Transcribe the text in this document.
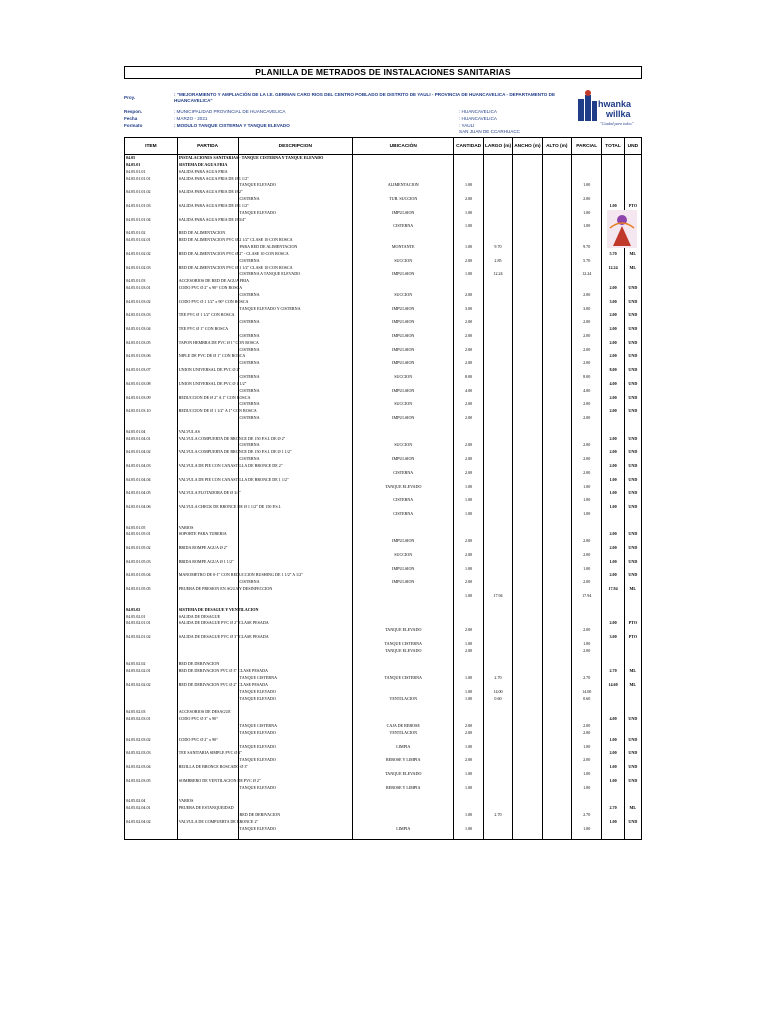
PLANILLA DE METRADOS DE INSTALACIONES SANITARIAS
Proy.
: "MEJORAMIENTO Y AMPLIACIÓN DE LA I.E. GERMAN CARO RIOS DEL CENTRO POBLADO DE DISTRITO DE YAULI - PROVINCIA DE HUANCAVELICA - DEPARTAMENTO DE HUANCAVELICA"
Respon.	: MUNICIPALIDAD PROVINCIAL DE HUANCAVELICA
Fecha	: MARZO - 2021
Formato	: MODULO TANQUE CISTERNA Y TANQUE ELEVADO
: HUANCAVELICA
: HUANCAVELICA
: YAULI
SAN JUAN DE CCARHUACC
hwanka
willka
"Ciudad para todos"
ITEM	PARTIDA	DESCRIPCION	UBICACIÓN	CANTIDAD	LARGO (m)	ANCHO (m)	ALTO (m)	PARCIAL	TOTAL	UND
04.05	INSTALACIONES SANITARIAS - TANQUE CISTERNA Y TANQUE ELEVADO									
04.05.01	SISTEMA DE AGUA FRIA									
04.05.01.01	SALIDA PARA AGUA FRIA									
04.05.01.01.01	SALIDA PARA AGUA FRIA DE Ø 1 1/2"									
		TANQUE ELEVADO	ALIMENTACION	1.00				1.00		
04.05.01.01.02	SALIDA PARA AGUA FRIA DE Ø 2"									
		CISTERNA	TUB. SUCCION	2.00				2.00		
04.05.01.01.03	SALIDA PARA AGUA FRIA DE Ø 1 1/2"								1.00	PTO
		TANQUE ELEVADO	IMPULSION	1.00				1.00		
04.05.01.01.04	SALIDA PARA AGUA FRIA DE Ø 3/4"									
			CISTERNA	1.00				1.00		
04.05.01.02	RED DE ALIMENTACION									
04.05.01.02.01	RED DE ALIMENTACION PVC Ø 2 1/2" CLASE 10 CON ROSCA									
		PARA RED DE ALIMENTACION	MONTANTE	1.00	9.70			9.70		
04.05.01.02.02	RED DE ALIMENTACION PVC Ø 2" - CLASE 10 CON ROSCA								5.70	ML
		CISTERNA	SUCCION	2.00	2.85			5.70		
04.05.01.02.03	RED DE ALIMENTACION PVC Ø 1 1/2" CLASE 10 CON ROSCA								12.24	ML
		CISTERNA A TANQUE ELEVADO	IMPULSION	1.00	12.24			12.24		
04.05.01.03	ACCESORIOS DE RED DE AGUA FRIA									
04.05.01.03.01	CODO PVC Ø 2" x 90° CON ROSCA								2.00	UND
		CISTERNA	SUCCION	2.00				2.00		
04.05.01.03.02	CODO PVC Ø 1 1/2" x 90° CON ROSCA								3.00	UND
		TANQUE ELEVADO Y CISTERNA	IMPULSION	3.00				3.00		
04.05.01.03.03	TEE PVC Ø 1 1/2" CON ROSCA								2.00	UND
		CISTERNA	IMPULSION	2.00				2.00		
04.05.01.03.04	TEE PVC Ø 1" CON ROSCA								2.00	UND
		CISTERNA	IMPULSION	2.00				2.00		
04.05.01.03.05	TAPON HEMBRA DE PVC Ø 1" CON ROSCA								2.00	UND
		CISTERNA	IMPULSION	2.00				2.00		
04.05.01.03.06	NIPLE DE PVC DE Ø 1" CON ROSCA								2.00	UND
		CISTERNA	IMPULSION	2.00				2.00		
04.05.01.03.07	UNION UNIVERSAL DE PVC Ø 2"								8.00	UND
		CISTERNA	SUCCION	8.00				8.00		
04.05.01.03.08	UNION UNIVERSAL DE PVC Ø 1 1/2"								4.00	UND
		CISTERNA	IMPULSION	4.00				4.00		
04.05.01.03.09	REDUCCION DE Ø 2" A 1" CON ROSCA								2.00	UND
		CISTERNA	SUCCION	2.00				2.00		
04.05.01.03.10	REDUCCION DE Ø 1 1/2" A 1" CON ROSCA								2.00	UND
		CISTERNA	IMPULSION	2.00				2.00		

04.05.01.04	VALVULAS									
04.05.01.04.01	VALVULA COMPUERTA DE BRONCE DE 150 P.S.I. DE Ø 2"								2.00	UND
		CISTERNA	SUCCION	2.00				2.00		
04.05.01.04.02	VALVULA COMPUERTA DE BRONCE DE 150 P.S.I. DE Ø 1 1/2"								2.00	UND
		CISTERNA	IMPULSION	2.00				2.00		
04.05.01.04.03	VALVULA DE PIE CON CANASTILLA DE BRONCE DE 2"								2.00	UND
			CISTERNA	2.00				2.00		
04.05.01.04.04	VALVULA DE PIE CON CANASTILLA DE BRONCE DE 1 1/2"								1.00	UND
			TANQUE ELEVADO	1.00				1.00		
04.05.01.04.05	VALVULA FLOTADORA DE Ø 3/4"								1.00	UND
			CISTERNA	1.00				1.00		
04.05.01.04.06	VALVULA CHECK DE BRONCE DE Ø 1 1/2" DE 150 P.S.I.								1.00	UND
			CISTERNA	1.00				1.00		

04.05.01.05	VARIOS									
04.05.01.05.01	SOPORTE PARA TUBERIA								2.00	UND
			IMPULSION	2.00				2.00		
04.05.01.05.02	BRIDA ROMPE AGUA Ø 2"								2.00	UND
			SUCCION	2.00				2.00		
04.05.01.05.03	BRIDA ROMPE AGUA Ø 1 1/2"								1.00	UND
			IMPULSION	1.00				1.00		
04.05.01.05.04	MANOMETRO DE 0-1" CON REDUCCION BUSHING DE 1 1/2" A 1/2"								2.00	UND
		CISTERNA	IMPULSION	2.00				2.00		
04.05.01.05.05	PRUEBA DE PRESION EN AGUA Y DESINFECCION								17.94	ML
				1.00	17.94			17.94		

04.05.02	SISTEMA DE DESAGUE Y VENTILACION									
04.05.02.01	SALIDA DE DESAGUE									
04.05.02.01.01	SALIDA DE DESAGUE PVC Ø 2" CLASE PESADA								2.00	PTO
			TANQUE ELEVADO	2.00				2.00		
04.05.02.01.02	SALIDA DE DESAGUE PVC Ø 3" CLASE PESADA								3.00	PTO
			TANQUE CISTERNA	1.00				1.00		
			TANQUE ELEVADO	2.00				2.00		

04.05.02.02	RED DE DERIVACION									
04.05.02.02.01	RED DE DERIVACION PVC Ø 3" CLASE PESADA								2.70	ML
		TANQUE CISTERNA	TANQUE CISTERNA	1.00	2.70			2.70		
04.05.02.02.02	RED DE DERIVACION PVC Ø 2" CLASE PESADA								14.60	ML
		TANQUE ELEVADO		1.00	14.00			14.00		
		TANQUE ELEVADO	VENTILACION	1.00	0.60			0.60		

04.05.02.03	ACCESORIOS DE DESAGUE									
04.05.02.03.01	CODO PVC Ø 3" x 90°								4.00	UND
		TANQUE CISTERNA	CAJA DE REBOSE	2.00				2.00		
		TANQUE ELEVADO	VENTILACION	2.00				2.00		
04.05.02.03.02	CODO PVC Ø 2" x 90°								1.00	UND
		TANQUE ELEVADO	LIMPIA	1.00				1.00		
04.05.02.03.03	TEE SANITARIA SIMPLE PVC Ø 2"								2.00	UND
		TANQUE ELEVADO	REBOSE Y LIMPIA	2.00				2.00		
04.05.02.03.04	REJILLA DE BRONCE ROSCADO Ø 3"								1.00	UND
			TANQUE ELEVADO	1.00				1.00		
04.05.02.03.05	SOMBRERO DE VENTILACION DE PVC Ø 2"								1.00	UND
		TANQUE ELEVADO	REBOSE Y LIMPIA	1.00				1.00		

04.05.02.04	VARIOS									
04.05.02.04.01	PRUEBA DE ESTANQUEIDAD								2.70	ML
		RED DE DERIVACION		1.00	2.70			2.70		
04.05.02.04.02	VALVULA DE COMPUERTA DE BRONCE 2"								1.00	UND
		TANQUE ELEVADO	LIMPIA	1.00				1.00		
